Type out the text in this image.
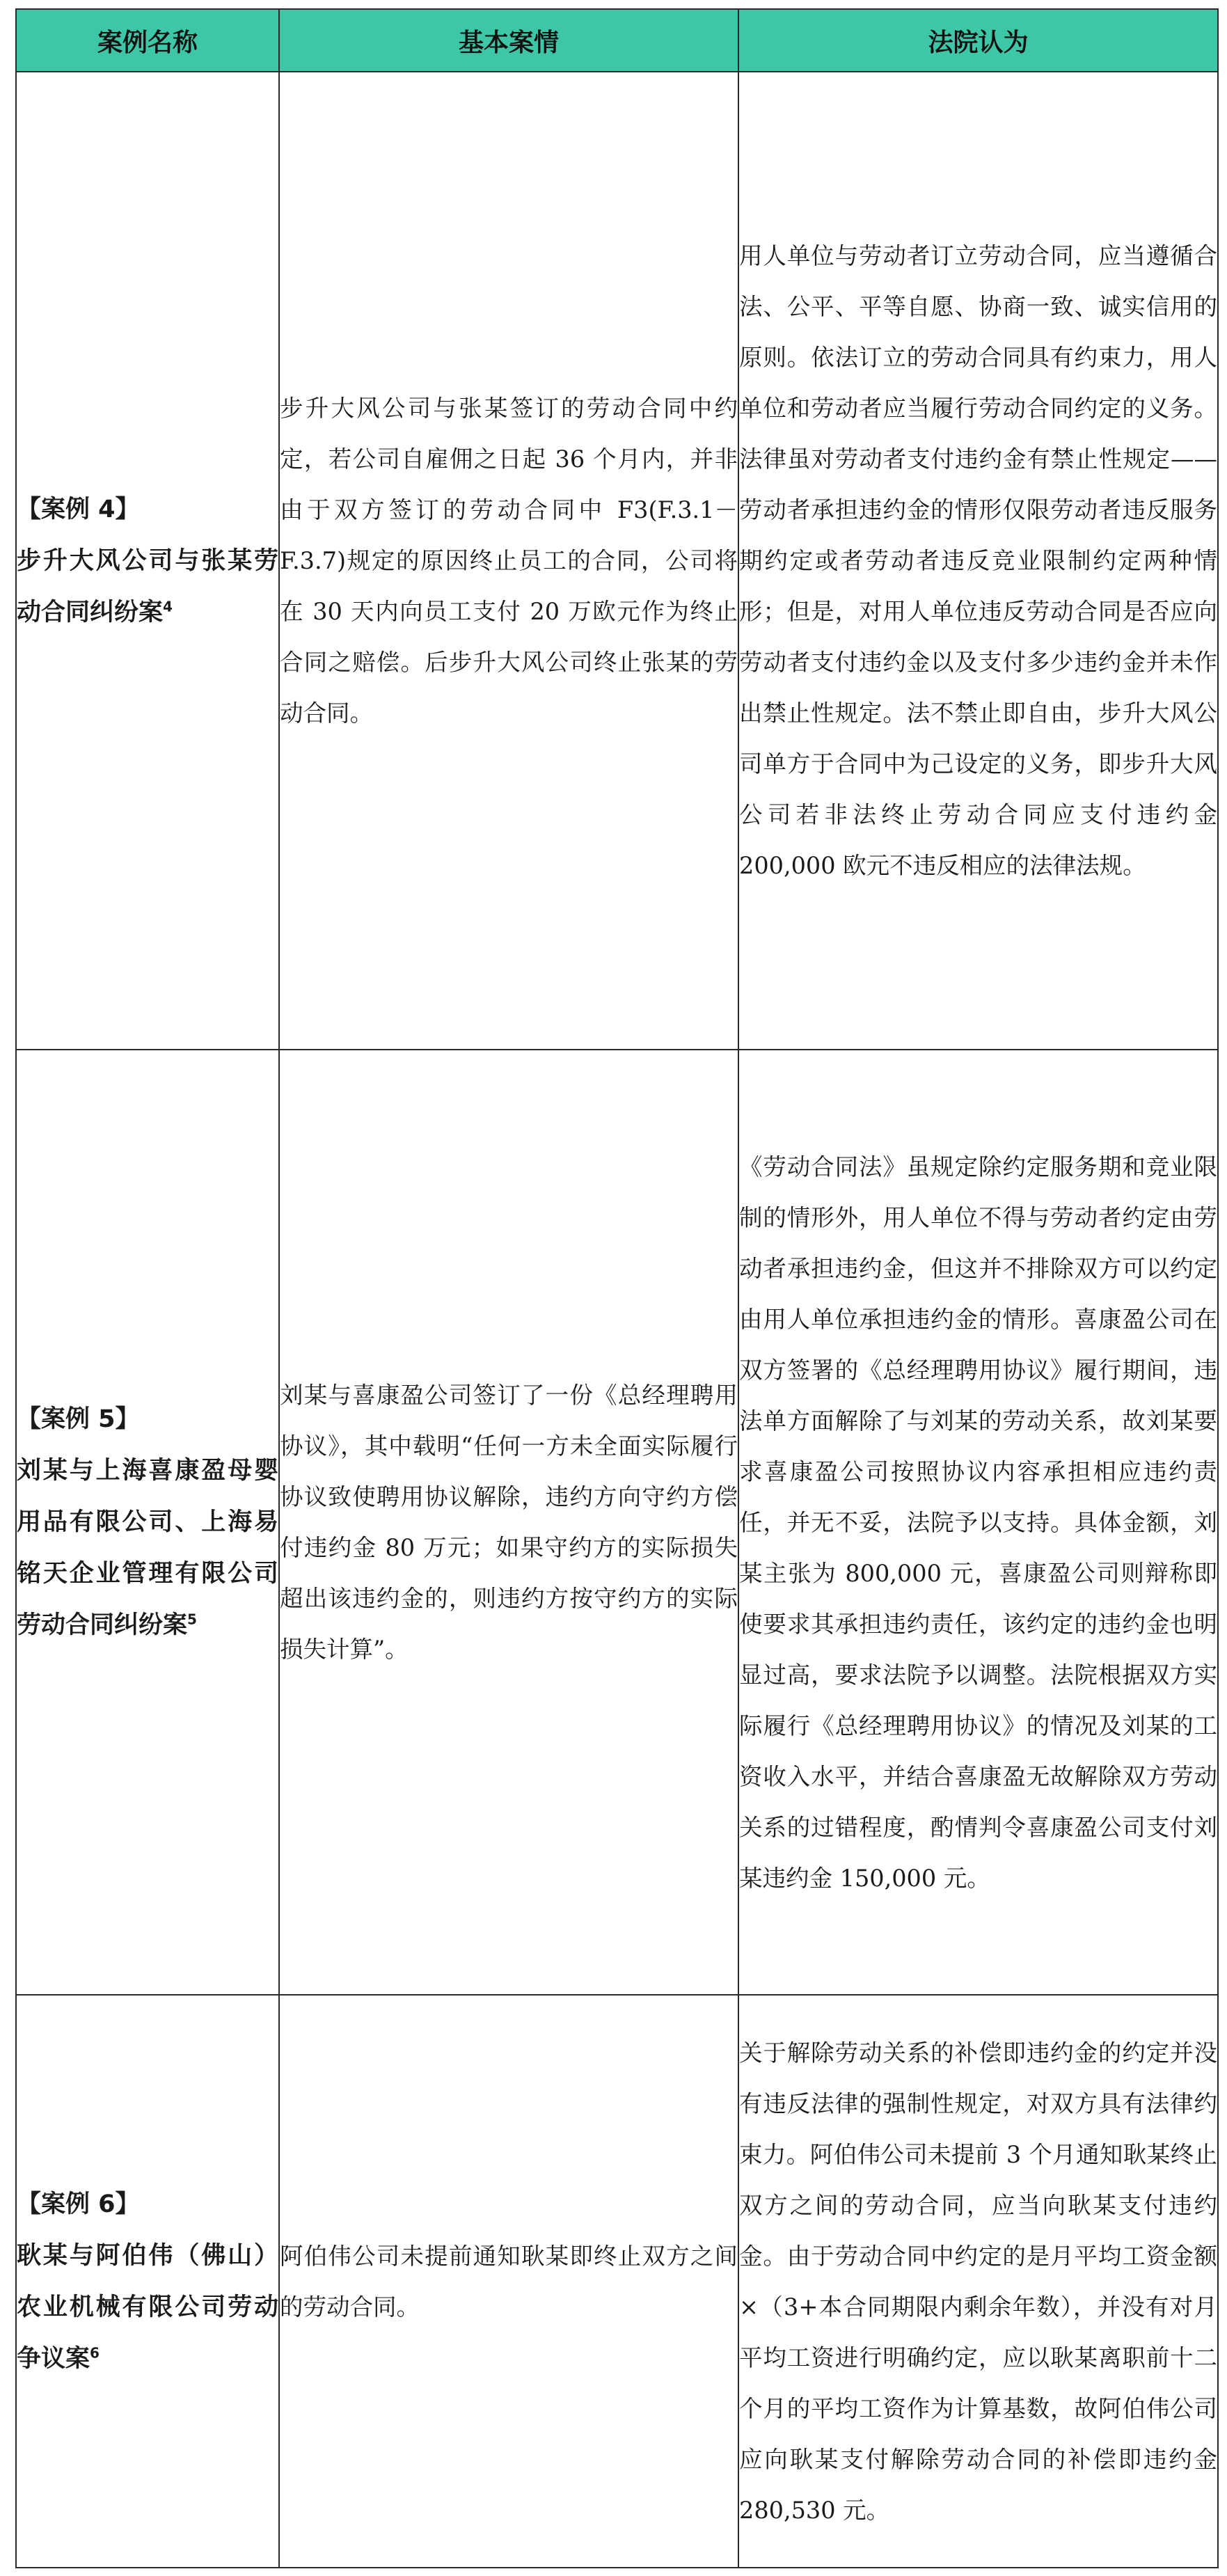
案例名称	基本案情	法院认为

【案例 4】
步升大风公司与张某劳动合同纠纷案$^4$	步升大风公司与张某签订的劳动合同中约定，若公司自雇佣之日起 36 个月内，并非由于双方签订的劳动合同中 F3(F.3.1－F.3.7)规定的原因终止员工的合同，公司将在 30 天内向员工支付 20 万欧元作为终止合同之赔偿。后步升大风公司终止张某的劳动合同。	用人单位与劳动者订立劳动合同，应当遵循合法、公平、平等自愿、协商一致、诚实信用的原则。依法订立的劳动合同具有约束力，用人单位和劳动者应当履行劳动合同约定的义务。法律虽对劳动者支付违约金有禁止性规定——劳动者承担违约金的情形仅限劳动者违反服务期约定或者劳动者违反竞业限制约定两种情形；但是，对用人单位违反劳动合同是否应向劳动者支付违约金以及支付多少违约金并未作出禁止性规定。法不禁止即自由，步升大风公司单方于合同中为己设定的义务，即步升大风公司若非法终止劳动合同应支付违约金 200,000 欧元不违反相应的法律法规。

【案例 5】
刘某与上海喜康盈母婴用品有限公司、上海易铭天企业管理有限公司劳动合同纠纷案$^5$	刘某与喜康盈公司签订了一份《总经理聘用协议》，其中载明“任何一方未全面实际履行协议致使聘用协议解除，违约方向守约方偿付违约金 80 万元；如果守约方的实际损失超出该违约金的，则违约方按守约方的实际损失计算”。	《劳动合同法》虽规定除约定服务期和竞业限制的情形外，用人单位不得与劳动者约定由劳动者承担违约金，但这并不排除双方可以约定由用人单位承担违约金的情形。喜康盈公司在双方签署的《总经理聘用协议》履行期间，违法单方面解除了与刘某的劳动关系，故刘某要求喜康盈公司按照协议内容承担相应违约责任，并无不妥，法院予以支持。具体金额，刘某主张为 800,000 元，喜康盈公司则辩称即使要求其承担违约责任，该约定的违约金也明显过高，要求法院予以调整。法院根据双方实际履行《总经理聘用协议》的情况及刘某的工资收入水平，并结合喜康盈无故解除双方劳动关系的过错程度，酌情判令喜康盈公司支付刘某违约金 150,000 元。

【案例 6】
耿某与阿伯伟（佛山）农业机械有限公司劳动争议案$^6$	阿伯伟公司未提前通知耿某即终止双方之间的劳动合同。	关于解除劳动关系的补偿即违约金的约定并没有违反法律的强制性规定，对双方具有法律约束力。阿伯伟公司未提前 3 个月通知耿某终止双方之间的劳动合同，应当向耿某支付违约金。由于劳动合同中约定的是月平均工资金额×（3+本合同期限内剩余年数），并没有对月平均工资进行明确约定，应以耿某离职前十二个月的平均工资作为计算基数，故阿伯伟公司应向耿某支付解除劳动合同的补偿即违约金 280,530 元。
